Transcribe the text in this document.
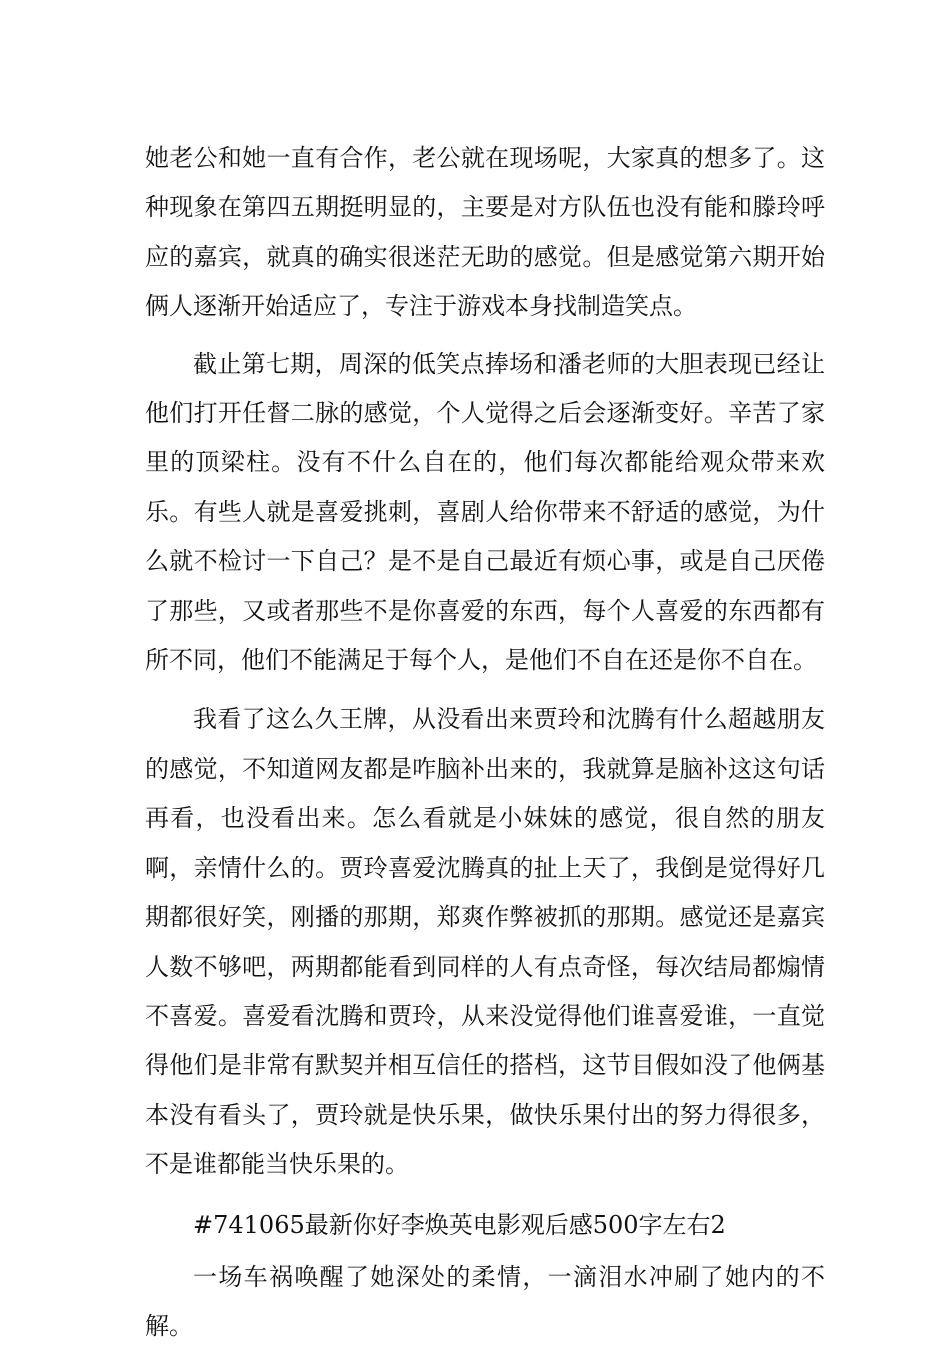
她老公和她一直有合作，老公就在现场呢，大家真的想多了。这种现象在第四五期挺明显的，主要是对方队伍也没有能和滕玲呼应的嘉宾，就真的确实很迷茫无助的感觉。但是感觉第六期开始俩人逐渐开始适应了，专注于游戏本身找制造笑点。

截止第七期，周深的低笑点捧场和潘老师的大胆表现已经让他们打开任督二脉的感觉，个人觉得之后会逐渐变好。辛苦了家里的顶梁柱。没有不什么自在的，他们每次都能给观众带来欢乐。有些人就是喜爱挑刺，喜剧人给你带来不舒适的感觉，为什么就不检讨一下自己？是不是自己最近有烦心事，或是自己厌倦了那些，又或者那些不是你喜爱的东西，每个人喜爱的东西都有所不同，他们不能满足于每个人，是他们不自在还是你不自在。

我看了这么久王牌，从没看出来贾玲和沈腾有什么超越朋友的感觉，不知道网友都是咋脑补出来的，我就算是脑补这这句话再看，也没看出来。怎么看就是小妹妹的感觉，很自然的朋友啊，亲情什么的。贾玲喜爱沈腾真的扯上天了，我倒是觉得好几期都很好笑，刚播的那期，郑爽作弊被抓的那期。感觉还是嘉宾人数不够吧，两期都能看到同样的人有点奇怪，每次结局都煽情不喜爱。喜爱看沈腾和贾玲，从来没觉得他们谁喜爱谁，一直觉得他们是非常有默契并相互信任的搭档，这节目假如没了他俩基本没有看头了，贾玲就是快乐果，做快乐果付出的努力得很多，不是谁都能当快乐果的。

#741065最新你好李焕英电影观后感500字左右2

一场车祸唤醒了她深处的柔情，一滴泪水冲刷了她内的不解。
